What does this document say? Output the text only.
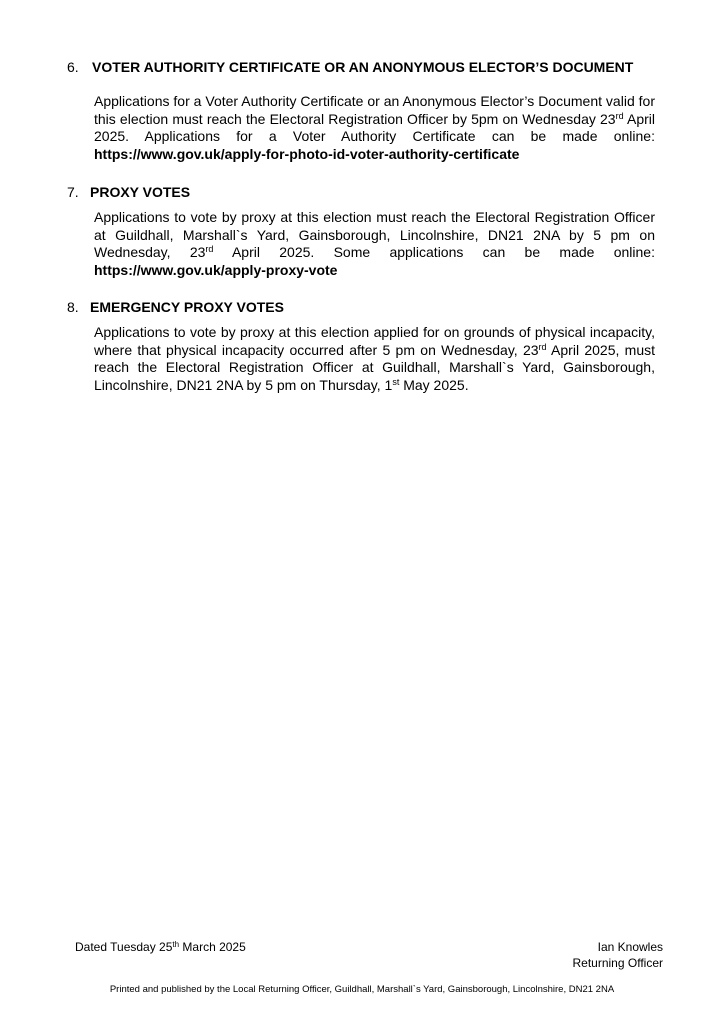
6. VOTER AUTHORITY CERTIFICATE OR AN ANONYMOUS ELECTOR’S DOCUMENT
Applications for a Voter Authority Certificate or an Anonymous Elector’s Document valid for this election must reach the Electoral Registration Officer by 5pm on Wednesday 23rd April 2025. Applications for a Voter Authority Certificate can be made online: https://www.gov.uk/apply-for-photo-id-voter-authority-certificate
7. PROXY VOTES
Applications to vote by proxy at this election must reach the Electoral Registration Officer at Guildhall, Marshall`s Yard, Gainsborough, Lincolnshire, DN21 2NA by 5 pm on Wednesday, 23rd April 2025. Some applications can be made online: https://www.gov.uk/apply-proxy-vote
8. EMERGENCY PROXY VOTES
Applications to vote by proxy at this election applied for on grounds of physical incapacity, where that physical incapacity occurred after 5 pm on Wednesday, 23rd April 2025, must reach the Electoral Registration Officer at Guildhall, Marshall`s Yard, Gainsborough, Lincolnshire, DN21 2NA by 5 pm on Thursday, 1st May 2025.
Dated Tuesday 25th March 2025	Ian Knowles
Returning Officer
Printed and published by the Local Returning Officer, Guildhall, Marshall`s Yard, Gainsborough, Lincolnshire, DN21 2NA
